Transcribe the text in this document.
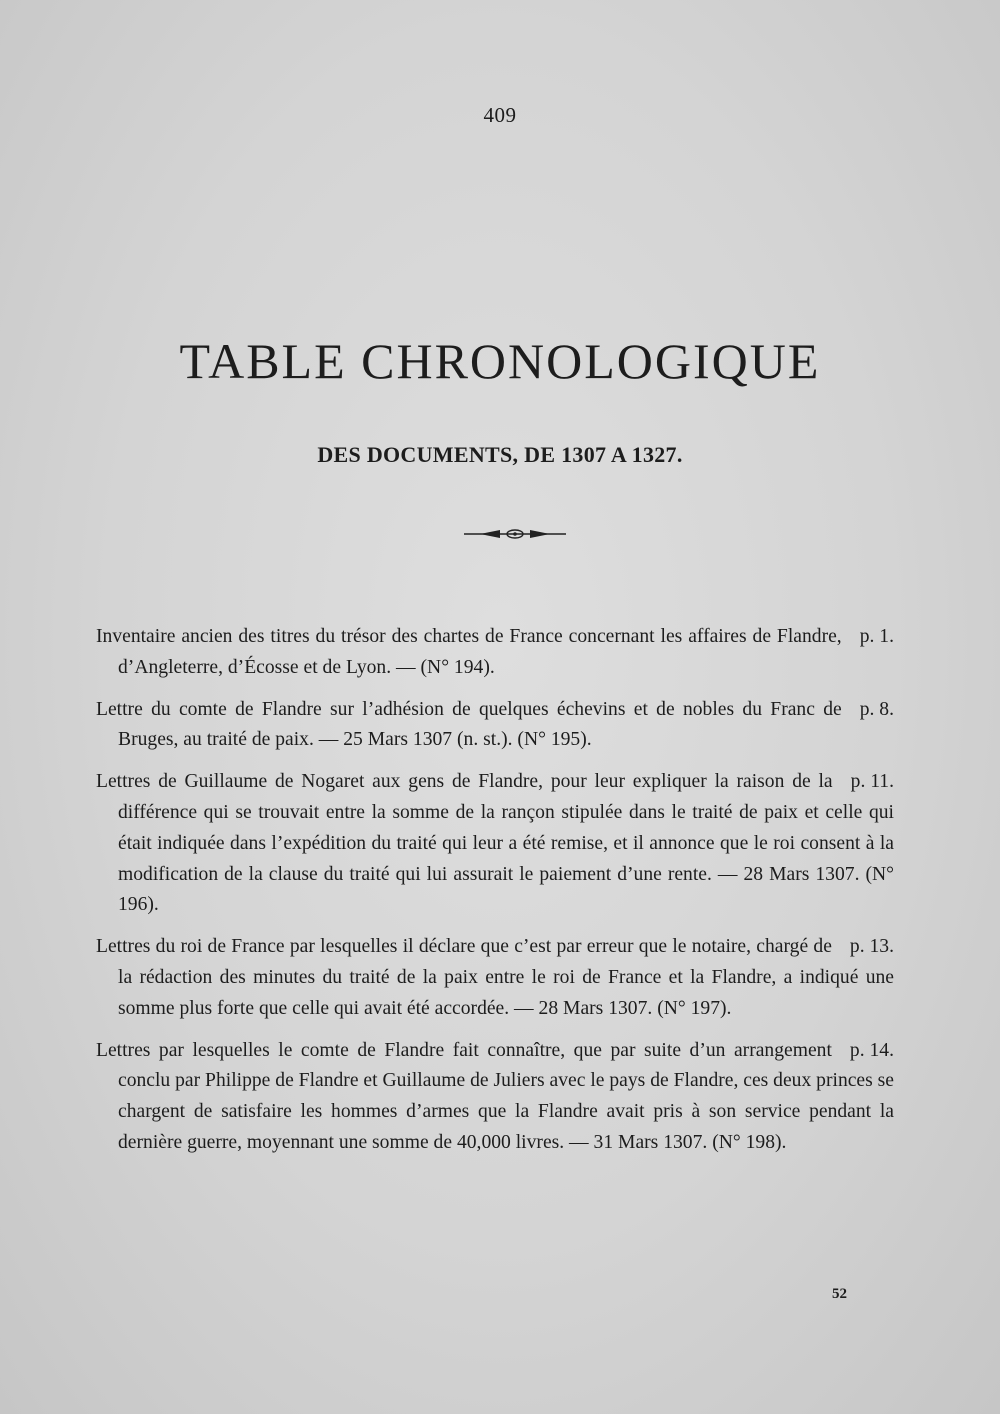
409
TABLE CHRONOLOGIQUE
DES DOCUMENTS, DE 1307 A 1327.
p. 1.
Inventaire ancien des titres du trésor des chartes de France concernant les affaires de Flandre, d’Angleterre, d’Écosse et de Lyon. — (N° 194).
p. 8.
Lettre du comte de Flandre sur l’adhésion de quelques échevins et de nobles du Franc de Bruges, au traité de paix. — 25 Mars 1307 (n. st.). (N° 195).
p. 11.
Lettres de Guillaume de Nogaret aux gens de Flandre, pour leur expliquer la raison de la différence qui se trouvait entre la somme de la rançon stipulée dans le traité de paix et celle qui était indiquée dans l’expédition du traité qui leur a été remise, et il annonce que le roi consent à la modification de la clause du traité qui lui assurait le paiement d’une rente. — 28 Mars 1307. (N° 196).
p. 13.
Lettres du roi de France par lesquelles il déclare que c’est par erreur que le notaire, chargé de la rédaction des minutes du traité de la paix entre le roi de France et la Flandre, a indiqué une somme plus forte que celle qui avait été accordée. — 28 Mars 1307. (N° 197).
p. 14.
Lettres par lesquelles le comte de Flandre fait connaître, que par suite d’un arrangement conclu par Philippe de Flandre et Guillaume de Juliers avec le pays de Flandre, ces deux princes se chargent de satisfaire les hommes d’armes que la Flandre avait pris à son service pendant la dernière guerre, moyennant une somme de 40,000 livres. — 31 Mars 1307. (N° 198).
52
